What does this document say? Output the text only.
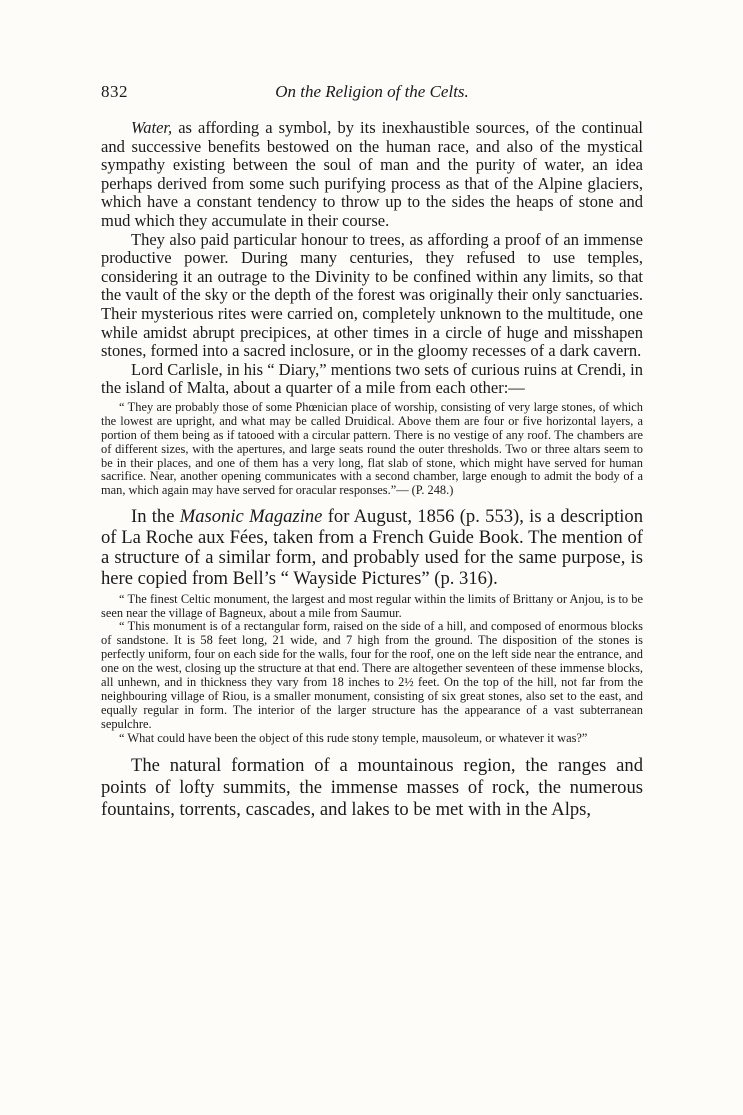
832	On the Religion of the Celts.

Water, as affording a symbol, by its inexhaustible sources, of the continual and successive benefits bestowed on the human race, and also of the mystical sympathy existing between the soul of man and the purity of water, an idea perhaps derived from some such purifying process as that of the Alpine glaciers, which have a constant tendency to throw up to the sides the heaps of stone and mud which they accumulate in their course.

They also paid particular honour to trees, as affording a proof of an immense productive power. During many centuries, they refused to use temples, considering it an outrage to the Divinity to be confined within any limits, so that the vault of the sky or the depth of the forest was originally their only sanctuaries. Their mysterious rites were carried on, completely unknown to the multitude, one while amidst abrupt precipices, at other times in a circle of huge and misshapen stones, formed into a sacred inclosure, or in the gloomy recesses of a dark cavern.

Lord Carlisle, in his “ Diary,” mentions two sets of curious ruins at Crendi, in the island of Malta, about a quarter of a mile from each other:—

“ They are probably those of some Phœnician place of worship, consisting of very large stones, of which the lowest are upright, and what may be called Druidical. Above them are four or five horizontal layers, a portion of them being as if tatooed with a circular pattern. There is no vestige of any roof. The chambers are of different sizes, with the apertures, and large seats round the outer thresholds. Two or three altars seem to be in their places, and one of them has a very long, flat slab of stone, which might have served for human sacrifice. Near, another opening communicates with a second chamber, large enough to admit the body of a man, which again may have served for oracular responses.”— (P. 248.)

In the Masonic Magazine for August, 1856 (p. 553), is a description of La Roche aux Fées, taken from a French Guide Book. The mention of a structure of a similar form, and probably used for the same purpose, is here copied from Bell’s “ Wayside Pictures” (p. 316).

“ The finest Celtic monument, the largest and most regular within the limits of Brittany or Anjou, is to be seen near the village of Bagneux, about a mile from Saumur.

“ This monument is of a rectangular form, raised on the side of a hill, and composed of enormous blocks of sandstone. It is 58 feet long, 21 wide, and 7 high from the ground. The disposition of the stones is perfectly uniform, four on each side for the walls, four for the roof, one on the left side near the entrance, and one on the west, closing up the structure at that end. There are altogether seventeen of these immense blocks, all unhewn, and in thickness they vary from 18 inches to 2½ feet. On the top of the hill, not far from the neighbouring village of Riou, is a smaller monument, consisting of six great stones, also set to the east, and equally regular in form. The interior of the larger structure has the appearance of a vast subterranean sepulchre.

“ What could have been the object of this rude stony temple, mausoleum, or whatever it was?”

The natural formation of a mountainous region, the ranges and points of lofty summits, the immense masses of rock, the numerous fountains, torrents, cascades, and lakes to be met with in the Alps,
